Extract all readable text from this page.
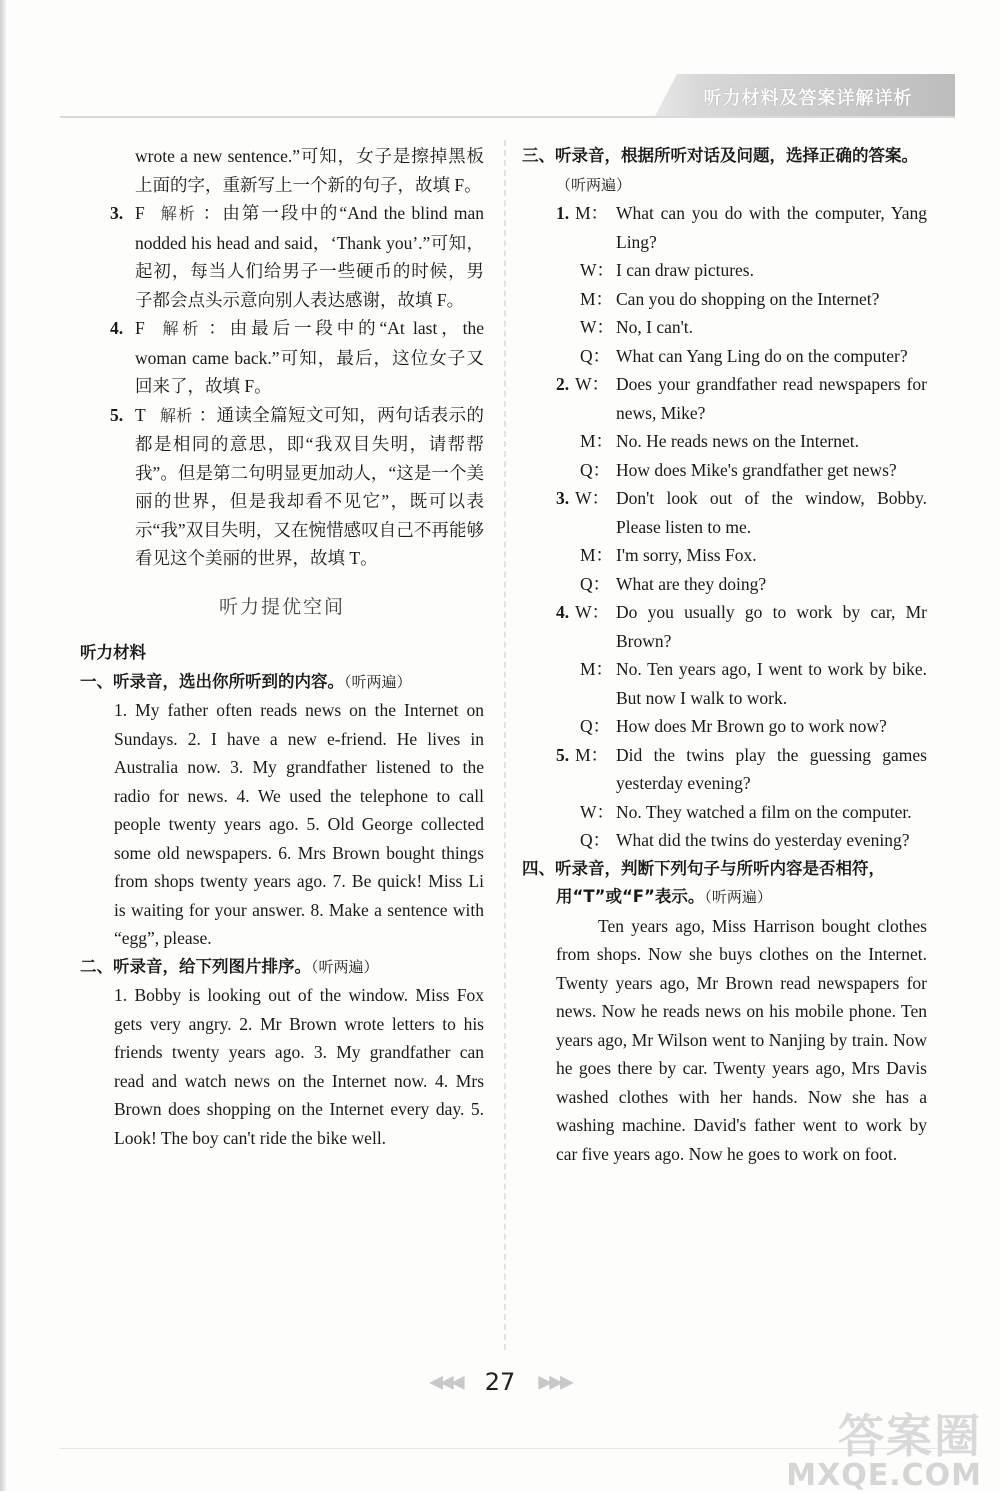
听力材料及答案详解详析

wrote a new sentence.”可知，女子是擦掉黑板上面的字，重新写上一个新的句子，故填 F。

3. F 解析 ：由第一段中的“And the blind man nodded his head and said，‘Thank you’.”可知，起初，每当人们给男子一些硬币的时候，男子都会点头示意向别人表达感谢，故填 F。

4. F 解析 ：由最后一段中的“At last，the woman came back.”可知，最后，这位女子又回来了，故填 F。

5. T 解析 ：通读全篇短文可知，两句话表示的都是相同的意思，即“我双目失明，请帮帮我”。但是第二句明显更加动人，“这是一个美丽的世界，但是我却看不见它”，既可以表示“我”双目失明，又在惋惜感叹自己不再能够看见这个美丽的世界，故填 T。

听力提优空间
听力材料
一、听录音，选出你所听到的内容。（听两遍）

1. My father often reads news on the Internet on Sundays. 2. I have a new e-friend. He lives in Australia now. 3. My grandfather listened to the radio for news. 4. We used the telephone to call people twenty years ago. 5. Old George collected some old newspapers. 6. Mrs Brown bought things from shops twenty years ago. 7. Be quick! Miss Li is waiting for your answer. 8. Make a sentence with “egg”, please.

二、听录音，给下列图片排序。（听两遍）

1. Bobby is looking out of the window. Miss Fox gets very angry. 2. Mr Brown wrote letters to his friends twenty years ago. 3. My grandfather can read and watch news on the Internet now. 4. Mrs Brown does shopping on the Internet every day. 5. Look! The boy can't ride the bike well.

三、听录音，根据所听对话及问题，选择正确的答案。（听两遍）

1. M： What can you do with the computer, Yang Ling?

W： I can draw pictures.

M： Can you do shopping on the Internet?

W： No, I can't.

Q： What can Yang Ling do on the computer?

2. W： Does your grandfather read newspapers for news, Mike?

M： No. He reads news on the Internet.

Q： How does Mike's grandfather get news?

3. W： Don't look out of the window, Bobby. Please listen to me.

M： I'm sorry, Miss Fox.

Q： What are they doing?

4. W： Do you usually go to work by car, Mr Brown?

M： No. Ten years ago, I went to work by bike. But now I walk to work.

Q： How does Mr Brown go to work now?

5. M： Did the twins play the guessing games yesterday evening?

W： No. They watched a film on the computer.

Q： What did the twins do yesterday evening?

四、听录音，判断下列句子与所听内容是否相符，用“T”或“F”表示。（听两遍）

Ten years ago, Miss Harrison bought clothes from shops. Now she buys clothes on the Internet. Twenty years ago, Mr Brown read newspapers for news. Now he reads news on his mobile phone. Ten years ago, Mr Wilson went to Nanjing by train. Now he goes there by car. Twenty years ago, Mrs Davis washed clothes with her hands. Now she has a washing machine. David's father went to work by car five years ago. Now he goes to work on foot.

◀◀◀ 27 ▶▶▶
答案圈
MXQE.COM
